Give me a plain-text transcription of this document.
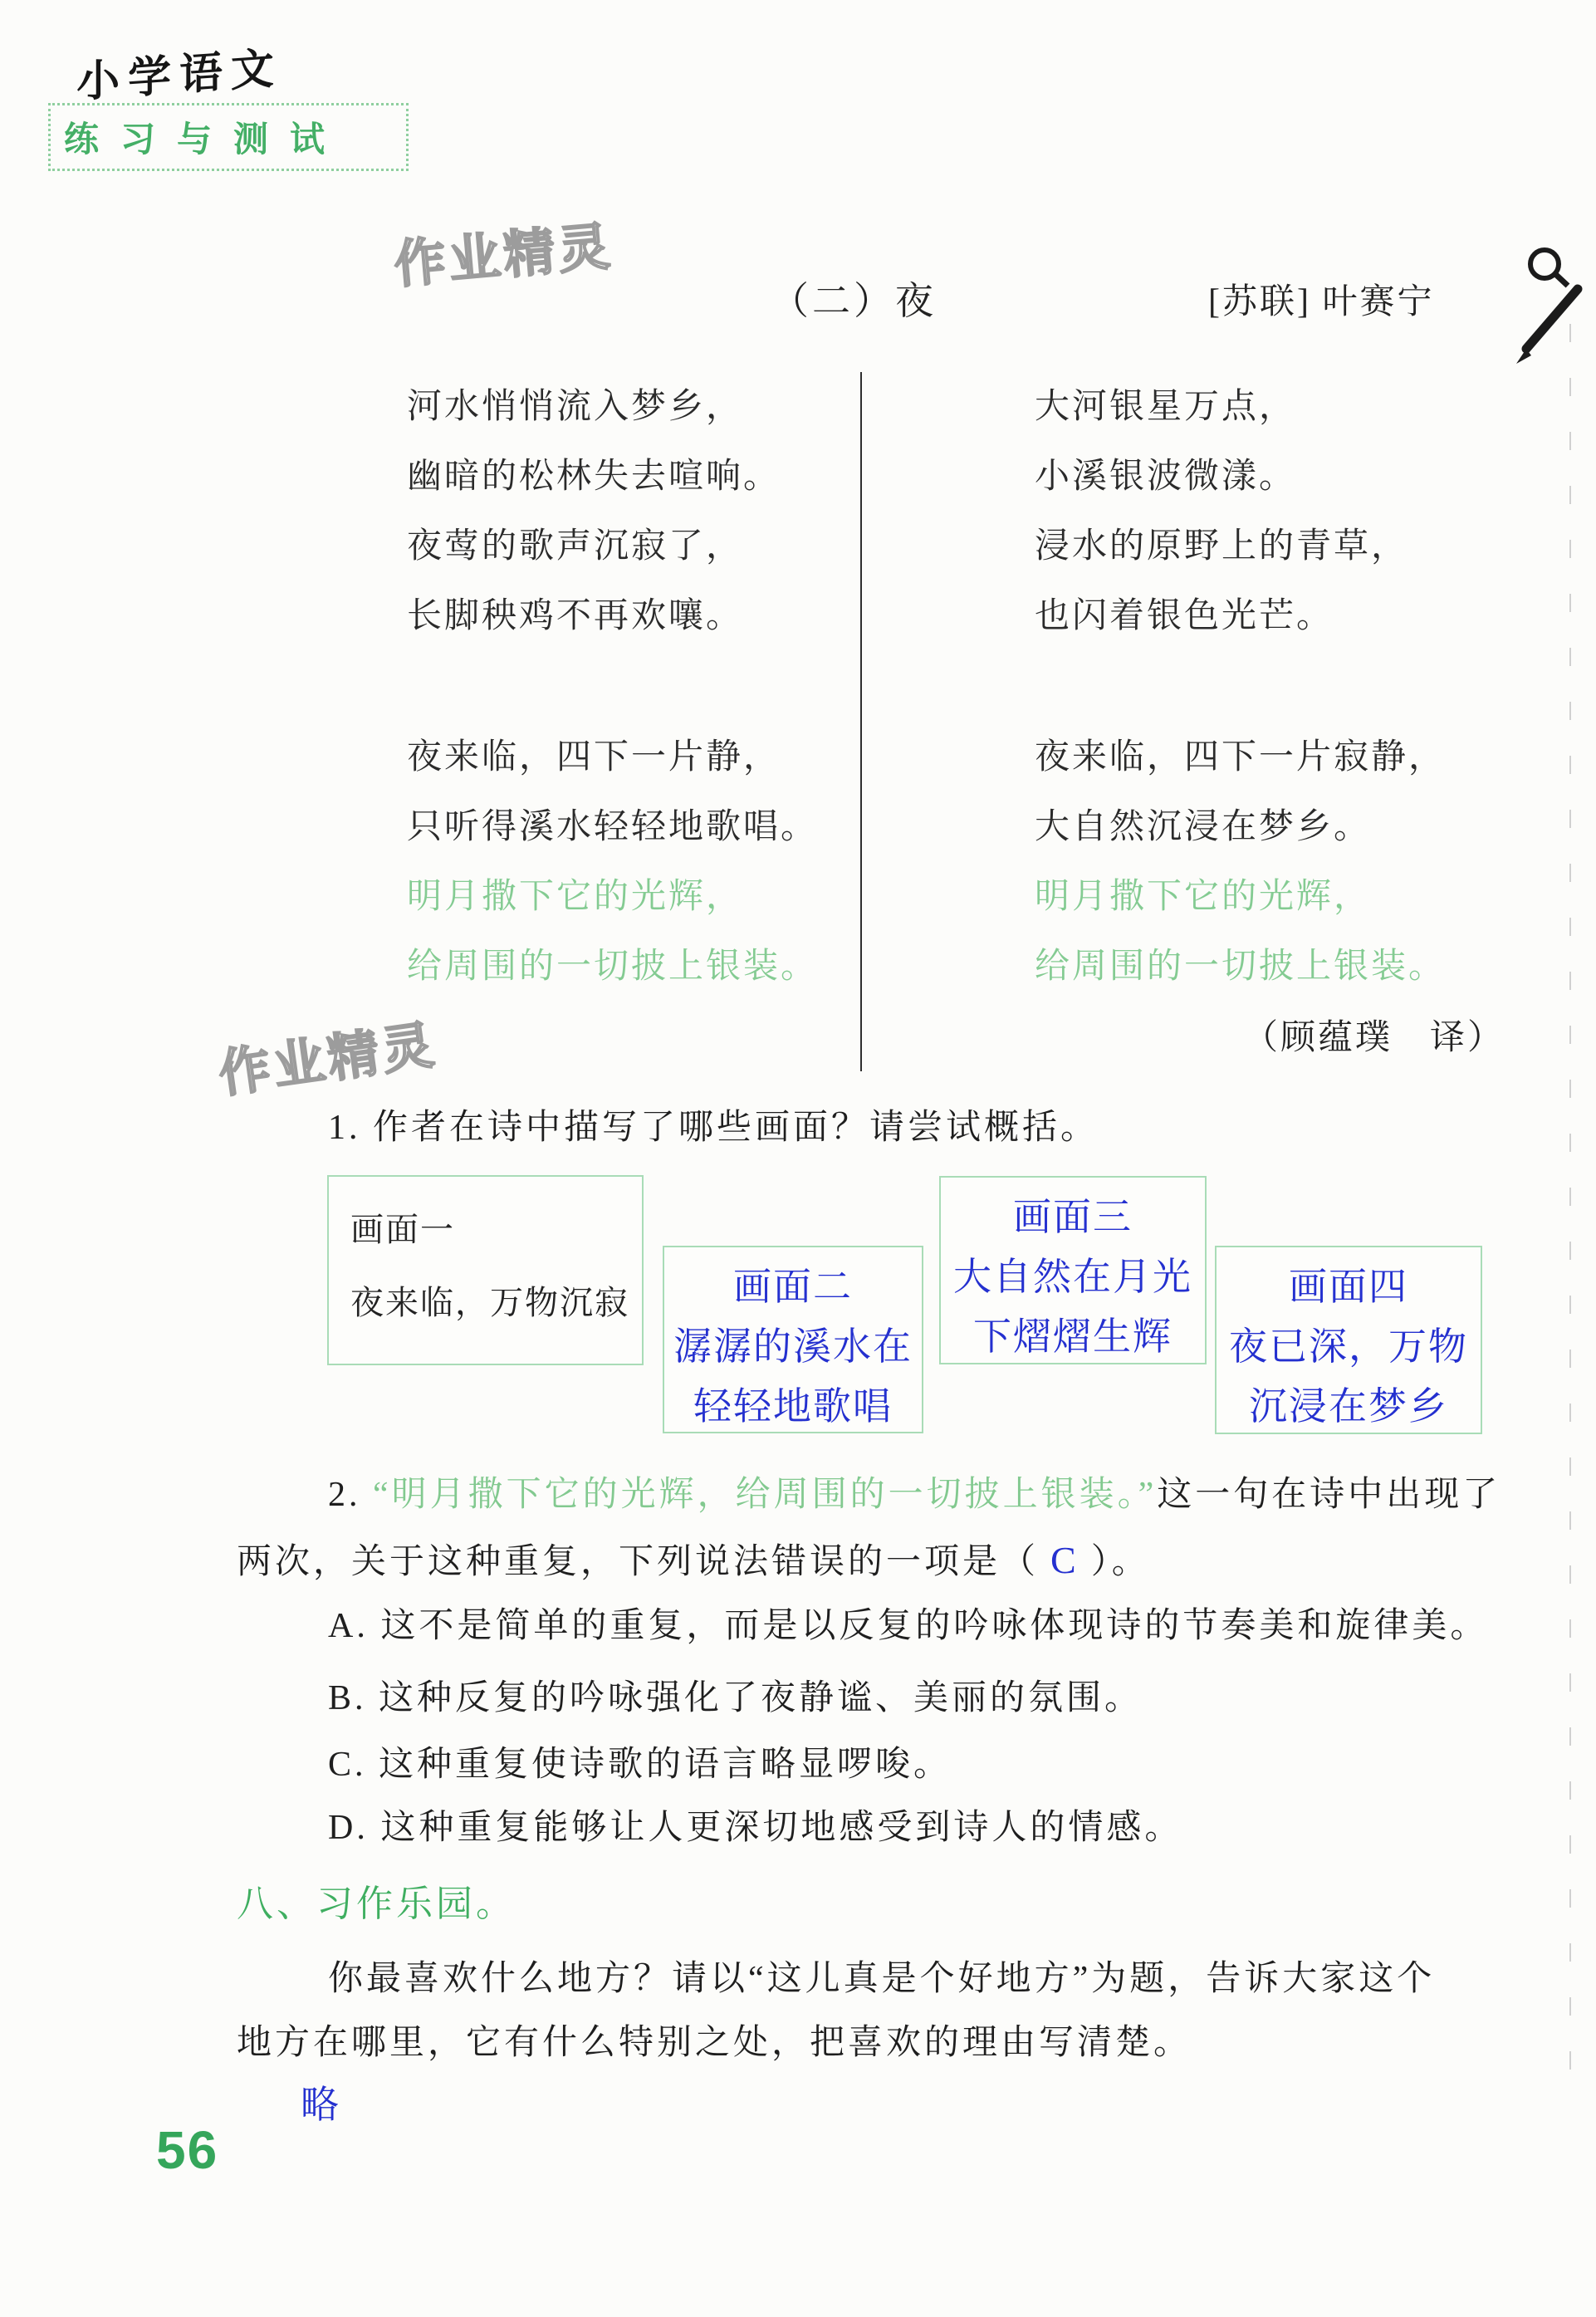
小学语文
练习与测试
作业精灵
作业精灵
（二）夜	[苏联] 叶赛宁
河水悄悄流入梦乡，
幽暗的松林失去喧响。
夜莺的歌声沉寂了，
长脚秧鸡不再欢嚷。
夜来临，四下一片静，
只听得溪水轻轻地歌唱。
明月撒下它的光辉，
给周围的一切披上银装。
大河银星万点，
小溪银波微漾。
浸水的原野上的青草，
也闪着银色光芒。
夜来临，四下一片寂静，
大自然沉浸在梦乡。
明月撒下它的光辉，
给周围的一切披上银装。
（顾蕴璞　译）
1. 作者在诗中描写了哪些画面？请尝试概括。
画面一
夜来临，万物沉寂	画面二
潺潺的溪水在
轻轻地歌唱
画面三
大自然在月光
下熠熠生辉
画面四
夜已深，万物
沉浸在梦乡
2. “明月撒下它的光辉，给周围的一切披上银装。”这一句在诗中出现了
两次，关于这种重复，下列说法错误的一项是（ C ）。
A. 这不是简单的重复，而是以反复的吟咏体现诗的节奏美和旋律美。
B. 这种反复的吟咏强化了夜静谧、美丽的氛围。
C. 这种重复使诗歌的语言略显啰唆。
D. 这种重复能够让人更深切地感受到诗人的情感。
八、习作乐园。
你最喜欢什么地方？请以“这儿真是个好地方”为题，告诉大家这个
地方在哪里，它有什么特别之处，把喜欢的理由写清楚。
略
56
